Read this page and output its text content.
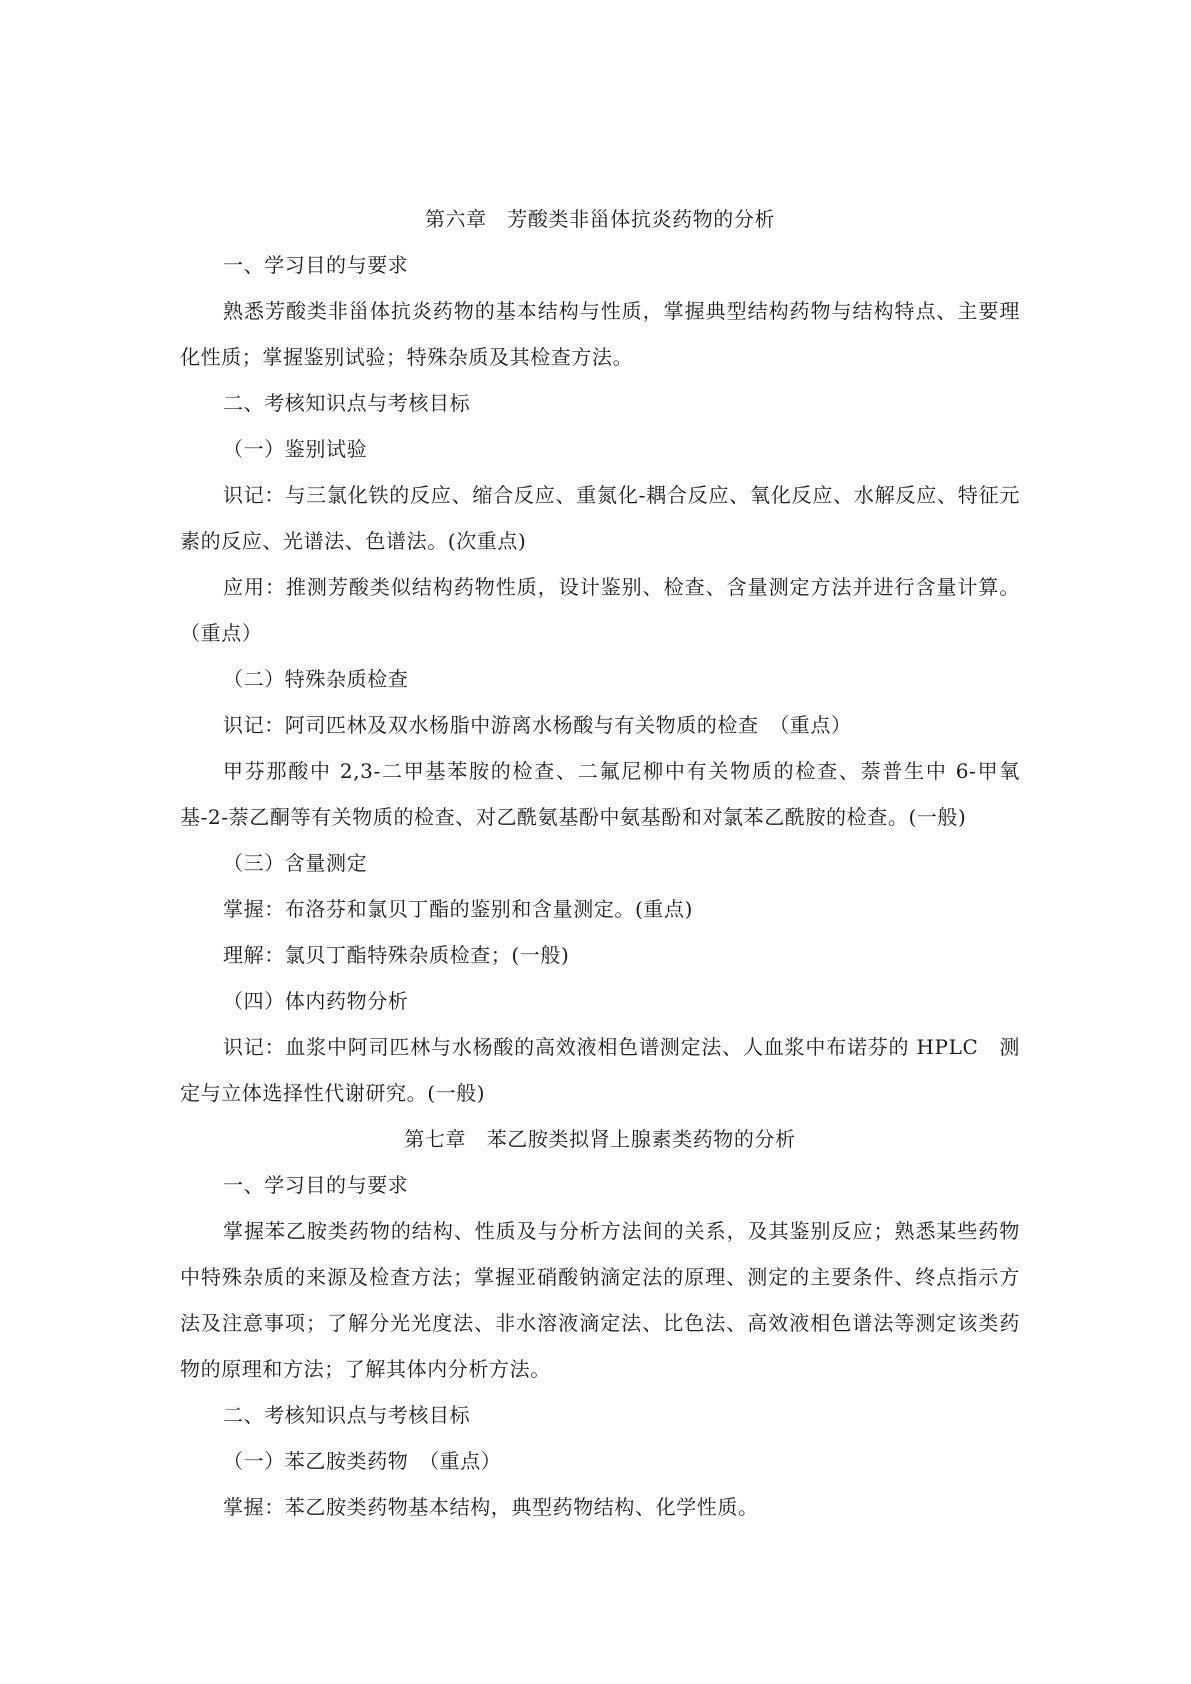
第六章　芳酸类非甾体抗炎药物的分析
一、学习目的与要求
熟悉芳酸类非甾体抗炎药物的基本结构与性质，掌握典型结构药物与结构特点、主要理化性质；掌握鉴别试验；特殊杂质及其检查方法。
二、考核知识点与考核目标
（一）鉴别试验
识记：与三氯化铁的反应、缩合反应、重氮化-耦合反应、氧化反应、水解反应、特征元素的反应、光谱法、色谱法。(次重点)
应用：推测芳酸类似结构药物性质，设计鉴别、检查、含量测定方法并进行含量计算。（重点）
（二）特殊杂质检查
识记：阿司匹林及双水杨脂中游离水杨酸与有关物质的检查　（重点）
甲芬那酸中 2,3-二甲基苯胺的检查、二氟尼柳中有关物质的检查、萘普生中 6-甲氧基-2-萘乙酮等有关物质的检查、对乙酰氨基酚中氨基酚和对氯苯乙酰胺的检查。(一般)
（三）含量测定
掌握：布洛芬和氯贝丁酯的鉴别和含量测定。(重点)
理解：氯贝丁酯特殊杂质检查；(一般)
（四）体内药物分析
识记：血浆中阿司匹林与水杨酸的高效液相色谱测定法、人血浆中布诺芬的 HPLC　测定与立体选择性代谢研究。(一般)
第七章　苯乙胺类拟肾上腺素类药物的分析
一、学习目的与要求
掌握苯乙胺类药物的结构、性质及与分析方法间的关系，及其鉴别反应；熟悉某些药物中特殊杂质的来源及检查方法；掌握亚硝酸钠滴定法的原理、测定的主要条件、终点指示方法及注意事项；了解分光光度法、非水溶液滴定法、比色法、高效液相色谱法等测定该类药物的原理和方法；了解其体内分析方法。
二、考核知识点与考核目标
（一）苯乙胺类药物　（重点）
掌握：苯乙胺类药物基本结构，典型药物结构、化学性质。
